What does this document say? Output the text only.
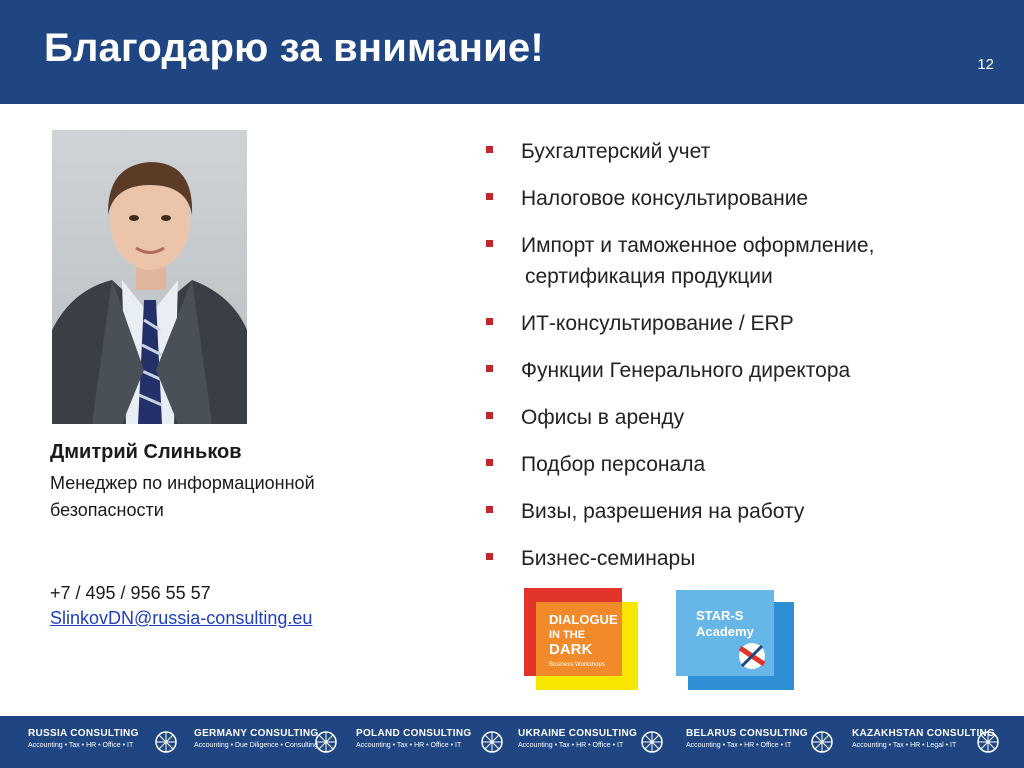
Благодарю за внимание!	12
Дмитрий Слиньков
Менеджер по информационной
безопасности
+7 / 495 / 956 55 57
SlinkovDN@russia-consulting.eu
Бухгалтерский учет
Налоговое консультирование
Импорт и таможенное оформление,
сертификация продукции
ИТ-консультирование / ERP
Функции Генерального директора
Офисы в аренду
Подбор персонала
Визы, разрешения на работу
Бизнес-семинары
DIALOGUE
IN THE
DARK
Business Workshops
STAR-S
Academy
RUSSIA CONSULTING
Accounting • Tax • HR • Office • IT
GERMANY CONSULTING
Accounting • Due Diligence • Consulting
POLAND CONSULTING
Accounting • Tax • HR • Office • IT
UKRAINE CONSULTING
Accounting • Tax • HR • Office • IT
BELARUS CONSULTING
Accounting • Tax • HR • Office • IT
KAZAKHSTAN CONSULTING
Accounting • Tax • HR • Legal • IT
